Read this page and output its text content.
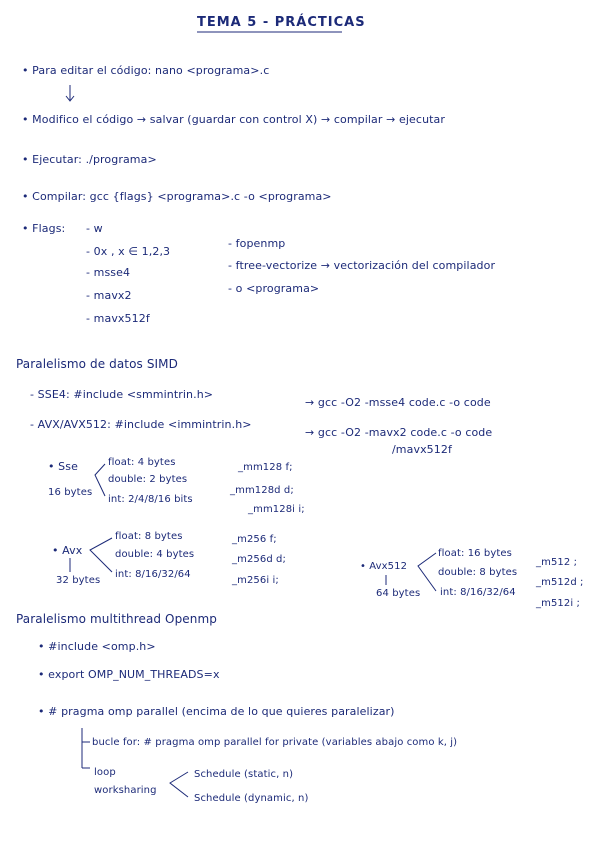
TEMA 5 - PRÁCTICAS
• Para editar el código: nano <programa>.c
• Modifico el código → salvar (guardar con control X) → compilar → ejecutar
• Ejecutar: ./programa>
• Compilar: gcc {flags} <programa>.c -o <programa>
• Flags: - w
- 0x , x ∈ 1,2,3
- msse4
- mavx2
- mavx512f
- fopenmp
- ftree-vectorize → vectorización del compilador
- o <programa>
Paralelismo de datos SIMD
- SSE4: #include <smmintrin.h>
→ gcc -O2 -msse4 code.c -o code
- AVX/AVX512: #include <immintrin.h>
→ gcc -O2 -mavx2 code.c -o code
/mavx512f
• Sse
16 bytes
float: 4 bytes
double: 2 bytes
int: 2/4/8/16 bits
_mm128 f;
_mm128d d;
_mm128i i;
• Avx
32 bytes
float: 8 bytes
double: 4 bytes
int: 8/16/32/64
_m256 f;
_m256d d;
_m256i i;
• Avx512
64 bytes
float: 16 bytes
double: 8 bytes
int: 8/16/32/64
_m512 ;
_m512d ;
_m512i ;
Paralelismo multithread Openmp
• #include <omp.h>
• export OMP_NUM_THREADS=x
• # pragma omp parallel (encima de lo que quieres paralelizar)
bucle for: # pragma omp parallel for private (variables abajo como k, j)
loop
worksharing
Schedule (static, n)
Schedule (dynamic, n)
